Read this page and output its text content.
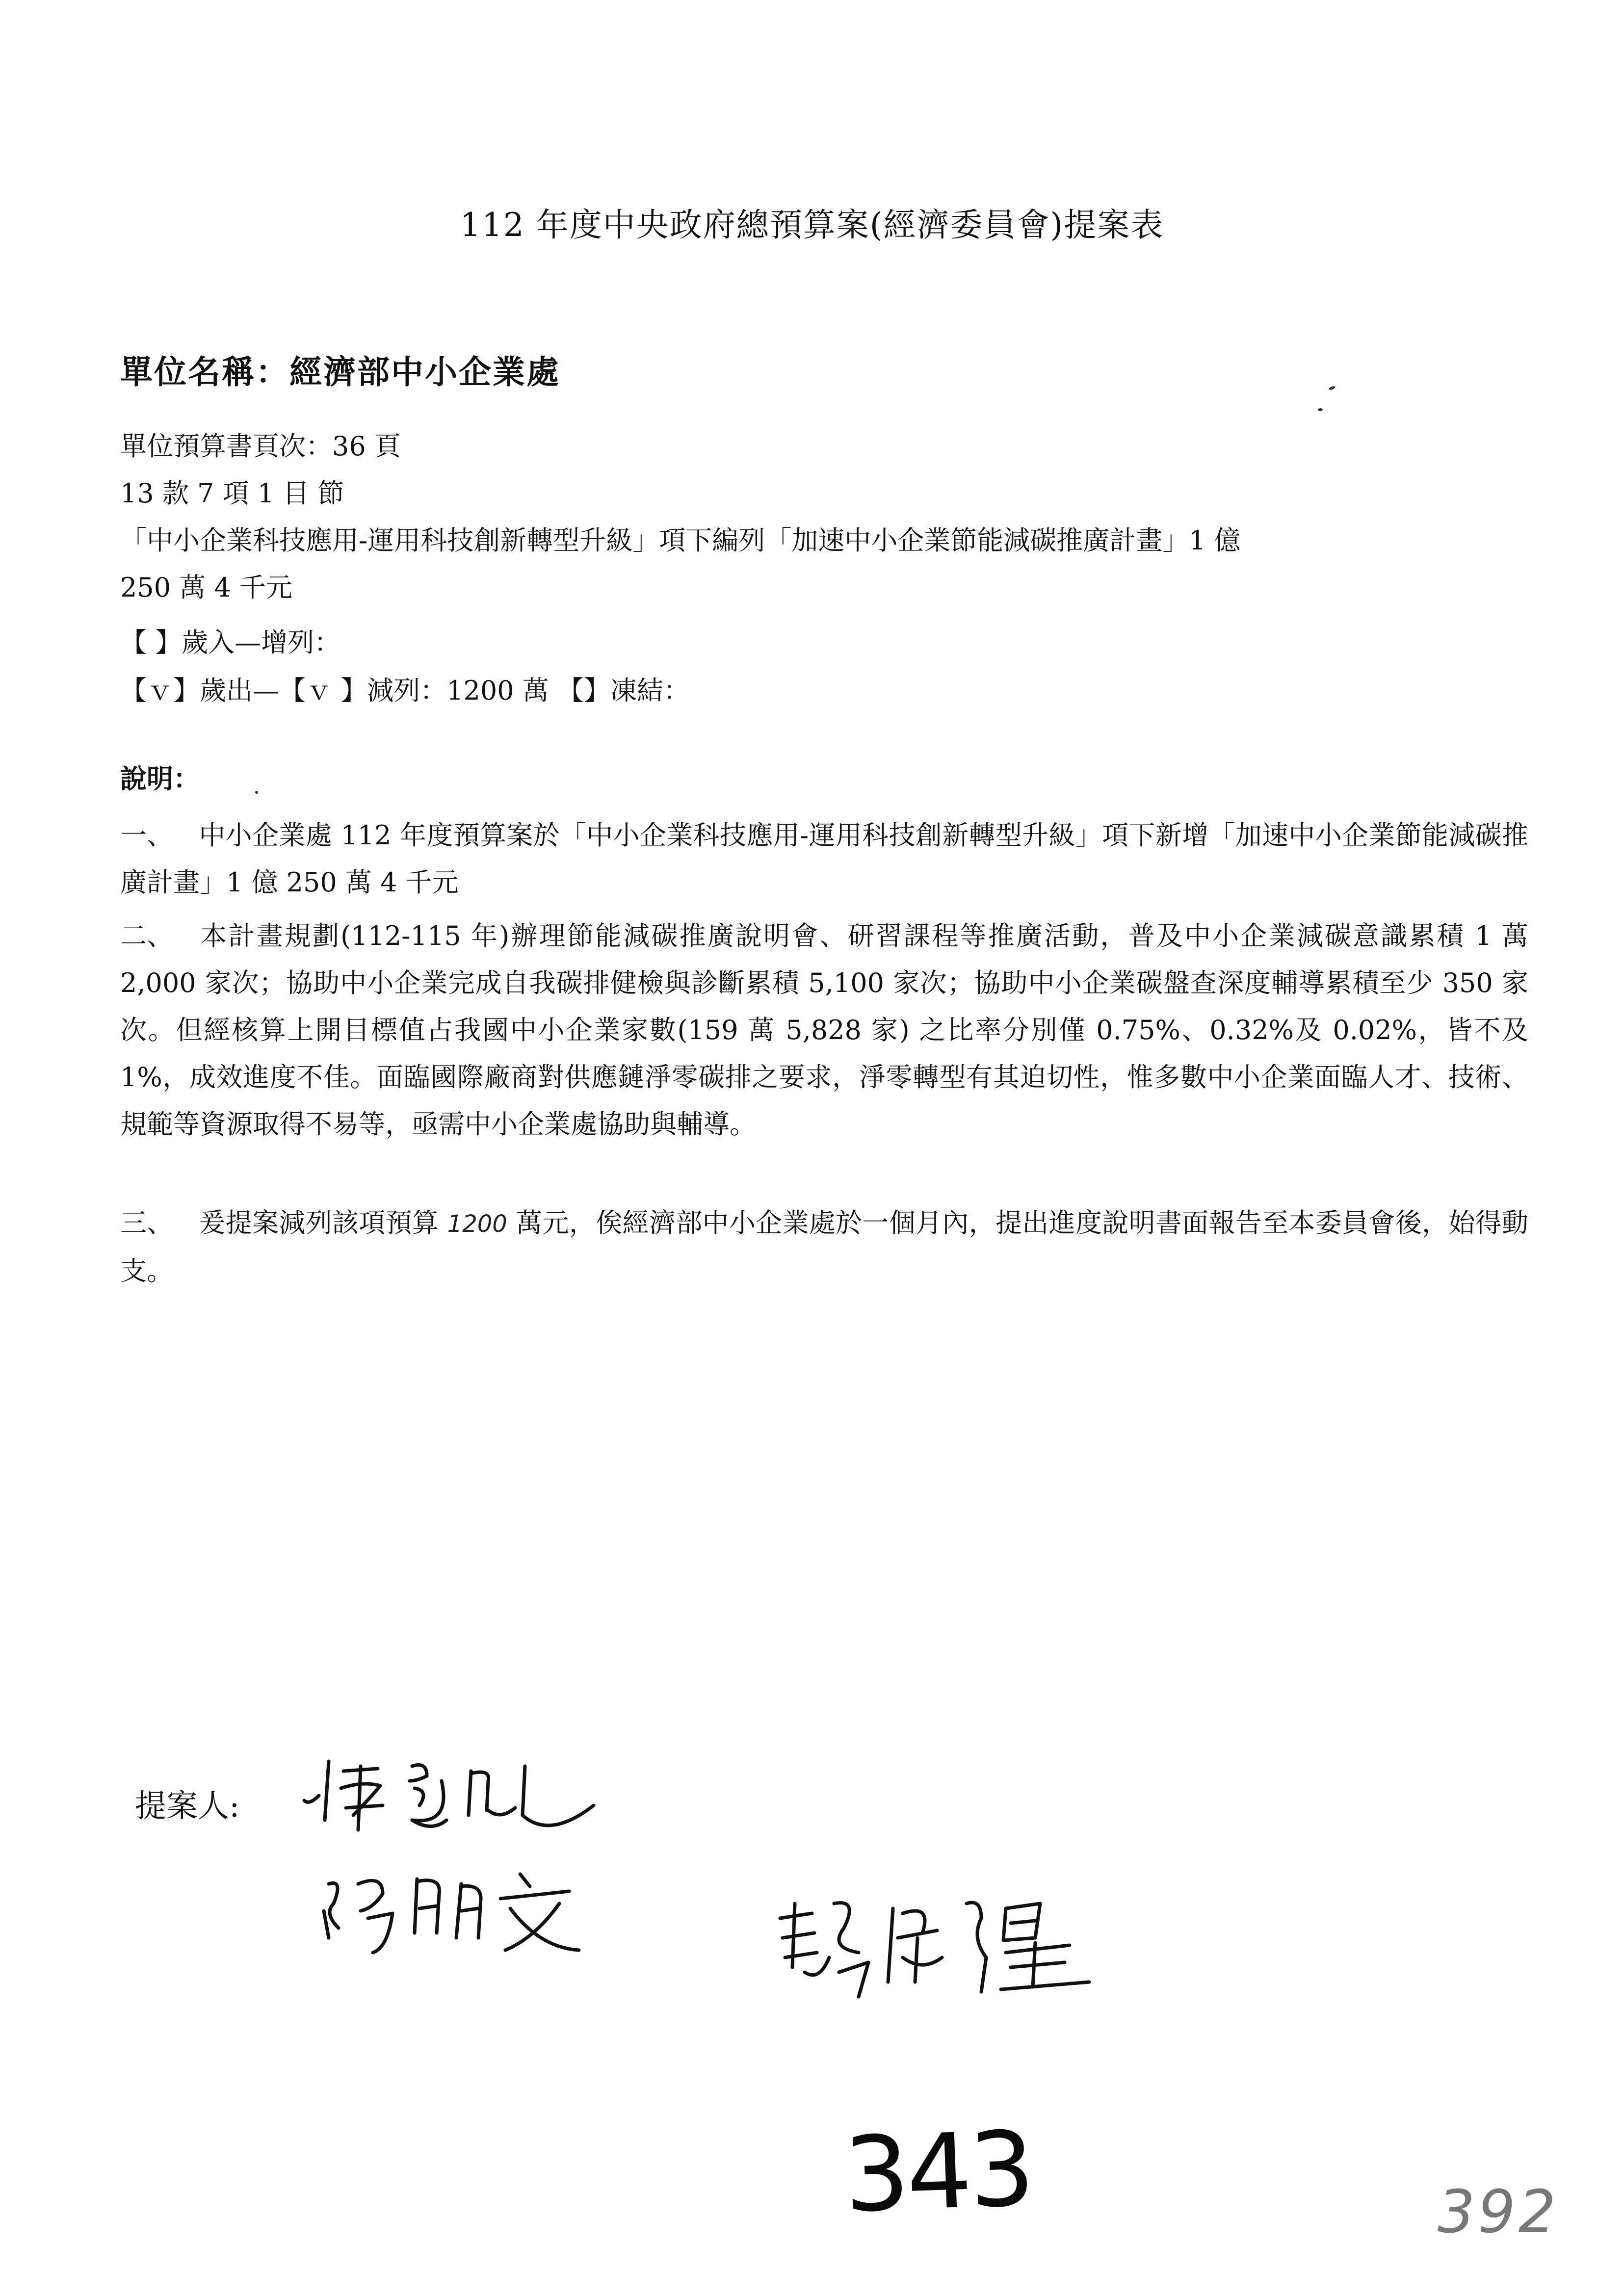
112 年度中央政府總預算案(經濟委員會)提案表
單位名稱：經濟部中小企業處
單位預算書頁次：36 頁
13 款 7 項 1 目 節
「中小企業科技應用-運用科技創新轉型升級」項下編列「加速中小企業節能減碳推廣計畫」1 億
250 萬 4 千元
【 】歲入—增列：
【ｖ】歲出—【ｖ 】減列：1200 萬 【】凍結：
說明：
一、 中小企業處 112 年度預算案於「中小企業科技應用-運用科技創新轉型升級」項下新增「加速中小企業節能減碳推廣計畫」1 億 250 萬 4 千元
二、 本計畫規劃(112-115 年)辦理節能減碳推廣說明會、研習課程等推廣活動，普及中小企業減碳意識累積 1 萬 2,000 家次；協助中小企業完成自我碳排健檢與診斷累積 5,100 家次；協助中小企業碳盤查深度輔導累積至少 350 家次。但經核算上開目標值占我國中小企業家數(159 萬 5,828 家) 之比率分別僅 0.75%、0.32%及 0.02%，皆不及 1%，成效進度不佳。面臨國際廠商對供應鏈淨零碳排之要求，淨零轉型有其迫切性，惟多數中小企業面臨人才、技術、規範等資源取得不易等，亟需中小企業處協助與輔導。
三、 爰提案減列該項預算 1200 萬元，俟經濟部中小企業處於一個月內，提出進度說明書面報告至本委員會後，始得動支。
提案人:
343	392
